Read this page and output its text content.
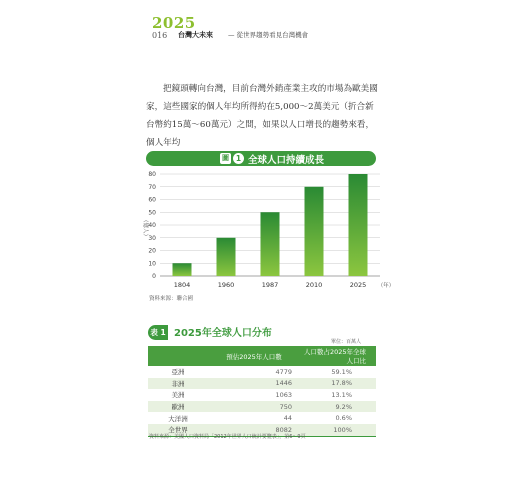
2025
016 台灣大未來 — 從世界趨勢看見台灣機會

把鏡頭轉向台灣，目前台灣外銷產業主攻的市場為歐美國家，這些國家的個人年均所得約在5,000～2萬美元（折合新台幣約15萬～60萬元）之間，如果以人口增長的趨勢來看，個人年均

圖 1 全球人口持續成長
0
10
20
30
40
50
60
70
80
1804	1960	1987	2010	2025
（億人）
（年）
資料來源：聯合國
表 1 2025年全球人口分布
單位：百萬人
	預估2025年人口數	人口數占2025年全球人口比
亞洲	4779	59.1%
非洲	1446	17.8%
美洲	1063	13.1%
歐洲	750	9.2%
大洋洲	44	0.6%
全世界	8082	100%
資料來源：美國人口資料局「2012年世界人口統計要覽表」，第6～9頁
